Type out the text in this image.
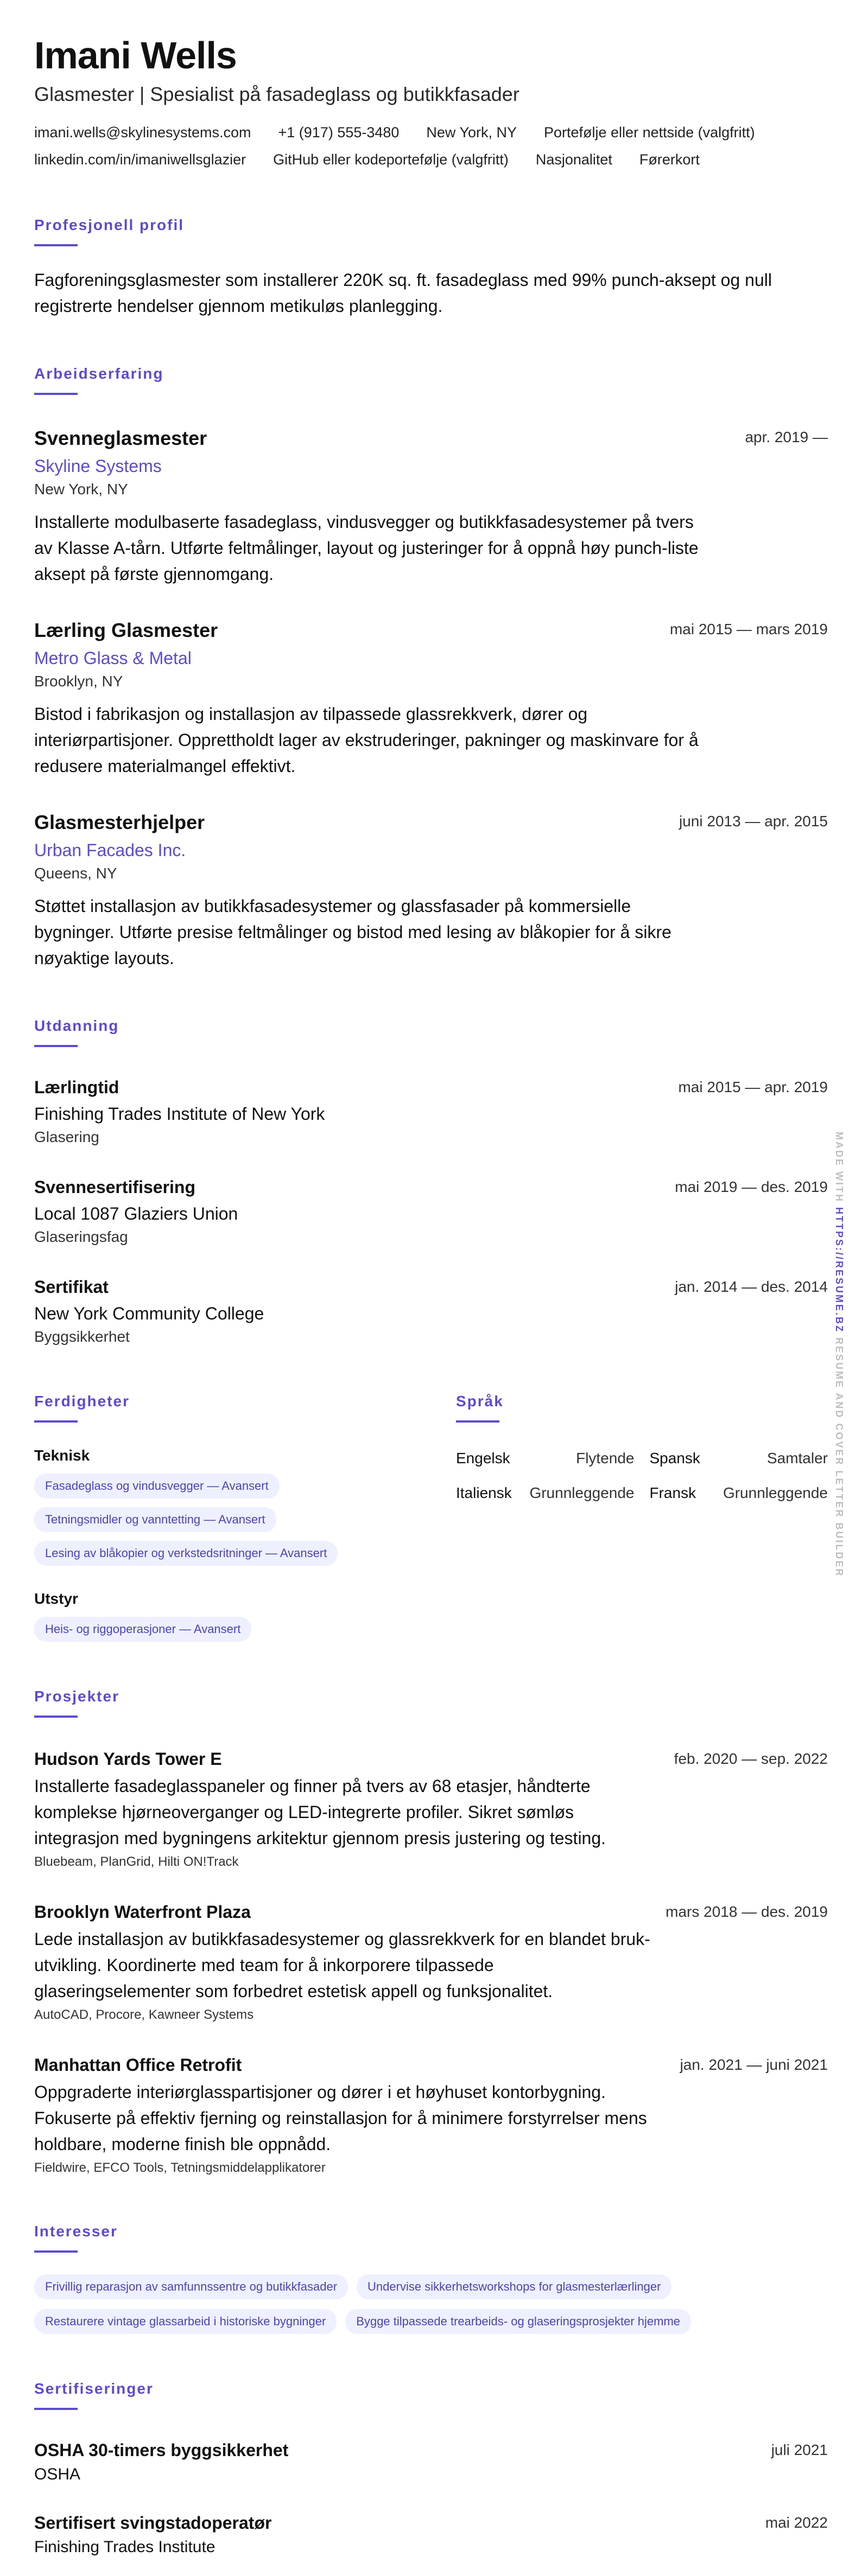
Imani Wells
Glasmester | Spesialist på fasadeglass og butikkfasader
imani.wells@skylinesystems.com +1 (917) 555-3480 New York, NY Portefølje eller nettside (valgfritt)
linkedin.com/in/imaniwellsglazier GitHub eller kodeportefølje (valgfritt) Nasjonalitet Førerkort
Profesjonell profil

Fagforeningsglasmester som installerer 220K sq. ft. fasadeglass med 99% punch-aksept og null registrerte hendelser gjennom metikuløs planlegging.

Arbeidserfaring
Svenneglasmester	apr. 2019 —
Skyline Systems
New York, NY
Installerte modulbaserte fasadeglass, vindusvegger og butikkfasadesystemer på tvers av Klasse A-tårn. Utførte feltmålinger, layout og justeringer for å oppnå høy punch-liste aksept på første gjennomgang.
Lærling Glasmester	mai 2015 — mars 2019
Metro Glass & Metal
Brooklyn, NY
Bistod i fabrikasjon og installasjon av tilpassede glassrekkverk, dører og interiørpartisjoner. Opprettholdt lager av ekstruderinger, pakninger og maskinvare for å redusere materialmangel effektivt.
Glasmesterhjelper	juni 2013 — apr. 2015
Urban Facades Inc.
Queens, NY
Støttet installasjon av butikkfasadesystemer og glassfasader på kommersielle bygninger. Utførte presise feltmålinger og bistod med lesing av blåkopier for å sikre nøyaktige layouts.
Utdanning
Lærlingtid	mai 2015 — apr. 2019
Finishing Trades Institute of New York
Glasering
Svennesertifisering	mai 2019 — des. 2019
Local 1087 Glaziers Union
Glaseringsfag
Sertifikat	jan. 2014 — des. 2014
New York Community College
Byggsikkerhet
Ferdigheter
Teknisk
Fasadeglass og vindusvegger — Avansert
Tetningsmidler og vanntetting — Avansert
Lesing av blåkopier og verkstedsritninger — Avansert
Utstyr
Heis- og riggoperasjoner — Avansert
Språk
Engelsk	Flytende Spansk	Samtaler
Italiensk Grunnleggende Fransk Grunnleggende
Prosjekter
Hudson Yards Tower E	feb. 2020 — sep. 2022
Installerte fasadeglasspaneler og finner på tvers av 68 etasjer, håndterte komplekse hjørneoverganger og LED-integrerte profiler. Sikret sømløs integrasjon med bygningens arkitektur gjennom presis justering og testing.
Bluebeam, PlanGrid, Hilti ON!Track
Brooklyn Waterfront Plaza	mars 2018 — des. 2019
Lede installasjon av butikkfasadesystemer og glassrekkverk for en blandet bruk-utvikling. Koordinerte med team for å inkorporere tilpassede glaseringselementer som forbedret estetisk appell og funksjonalitet.
AutoCAD, Procore, Kawneer Systems
Manhattan Office Retrofit	jan. 2021 — juni 2021
Oppgraderte interiørglasspartisjoner og dører i et høyhuset kontorbygning. Fokuserte på effektiv fjerning og reinstallasjon for å minimere forstyrrelser mens holdbare, moderne finish ble oppnådd.
Fieldwire, EFCO Tools, Tetningsmiddelapplikatorer
Interesser
Frivillig reparasjon av samfunnssentre og butikkfasader	Undervise sikkerhetsworkshops for glasmesterlærlinger
Restaurere vintage glassarbeid i historiske bygninger	Bygge tilpassede trearbeids- og glaseringsprosjekter hjemme
Sertifiseringer
OSHA 30-timers byggsikkerhet	juli 2021
OSHA
Sertifisert svingstadoperatør	mai 2022
Finishing Trades Institute
MADE WITH HTTPS://RESUME.BZ RESUME AND COVER LETTER BUILDER
